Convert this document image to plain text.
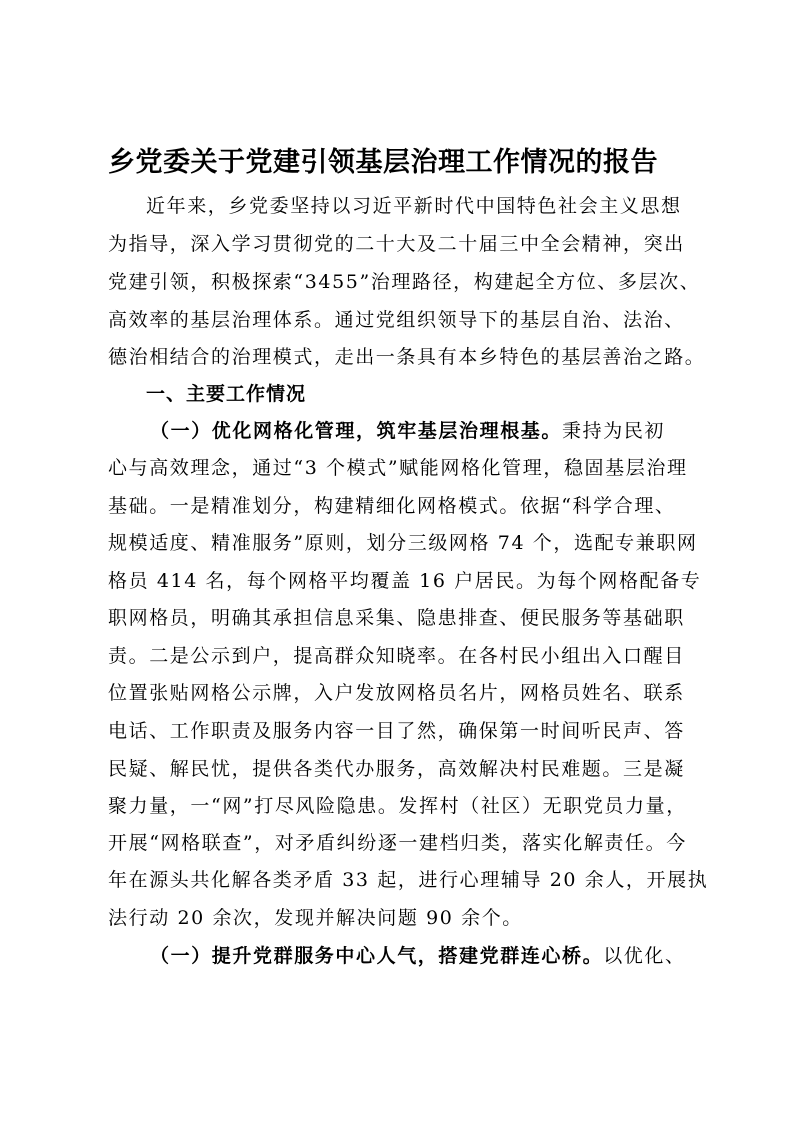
乡党委关于党建引领基层治理工作情况的报告
近年来，乡党委坚持以习近平新时代中国特色社会主义思想
为指导，深入学习贯彻党的二十大及二十届三中全会精神，突出
党建引领，积极探索“3455”治理路径，构建起全方位、多层次、
高效率的基层治理体系。通过党组织领导下的基层自治、法治、
德治相结合的治理模式，走出一条具有本乡特色的基层善治之路。
一、主要工作情况
（一）优化网格化管理，筑牢基层治理根基。秉持为民初
心与高效理念，通过“3 个模式”赋能网格化管理，稳固基层治理
基础。一是精准划分，构建精细化网格模式。依据“科学合理、
规模适度、精准服务”原则，划分三级网格 74 个，选配专兼职网
格员 414 名，每个网格平均覆盖 16 户居民。为每个网格配备专
职网格员，明确其承担信息采集、隐患排查、便民服务等基础职
责。二是公示到户，提高群众知晓率。在各村民小组出入口醒目
位置张贴网格公示牌，入户发放网格员名片，网格员姓名、联系
电话、工作职责及服务内容一目了然，确保第一时间听民声、答
民疑、解民忧，提供各类代办服务，高效解决村民难题。三是凝
聚力量，一“网”打尽风险隐患。发挥村（社区）无职党员力量，
开展“网格联查”，对矛盾纠纷逐一建档归类，落实化解责任。今
年在源头共化解各类矛盾 33 起，进行心理辅导 20 余人，开展执
法行动 20 余次，发现并解决问题 90 余个。
（一）提升党群服务中心人气，搭建党群连心桥。以优化、
